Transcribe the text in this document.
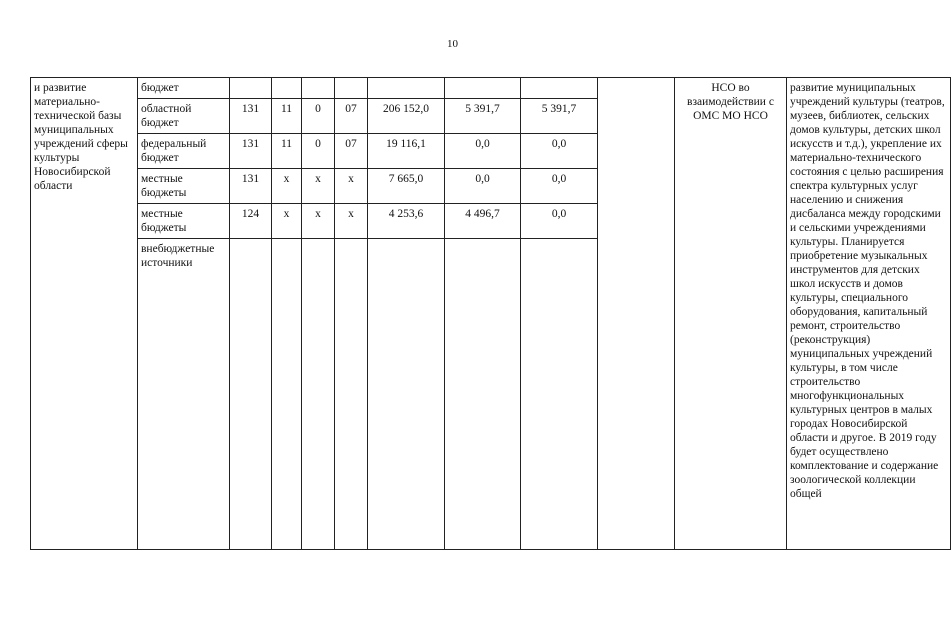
10
и развитие материально-технической базы муниципальных учреждений сферы культуры Новосибирской области	бюджет									НСО во взаимодействии с ОМС МО НСО	развитие муниципальных учреждений культуры (театров, музеев, библиотек, сельских домов культуры, детских школ искусств и т.д.), укрепление их материально-технического состояния с целью расширения спектра культурных услуг населению и снижения дисбаланса между городскими и сельскими учреждениями культуры. Планируется приобретение музыкальных инструментов для детских школ искусств и домов культуры, специального оборудования, капитальный ремонт, строительство (реконструкция) муниципальных учреждений культуры, в том числе строительство многофункциональных культурных центров в малых городах Новосибирской области и другое. В 2019 году будет осуществлено комплектование и содержание зоологической коллекции общей
	областной бюджет	131	11	0	07	206 152,0	5 391,7	5 391,7			
	федеральный бюджет	131	11	0	07	19 116,1	0,0	0,0			
	местные бюджеты	131	х	х	х	7 665,0	0,0	0,0			
	местные бюджеты	124	х	х	х	4 253,6	4 496,7	0,0			
	внебюджетные источники										
